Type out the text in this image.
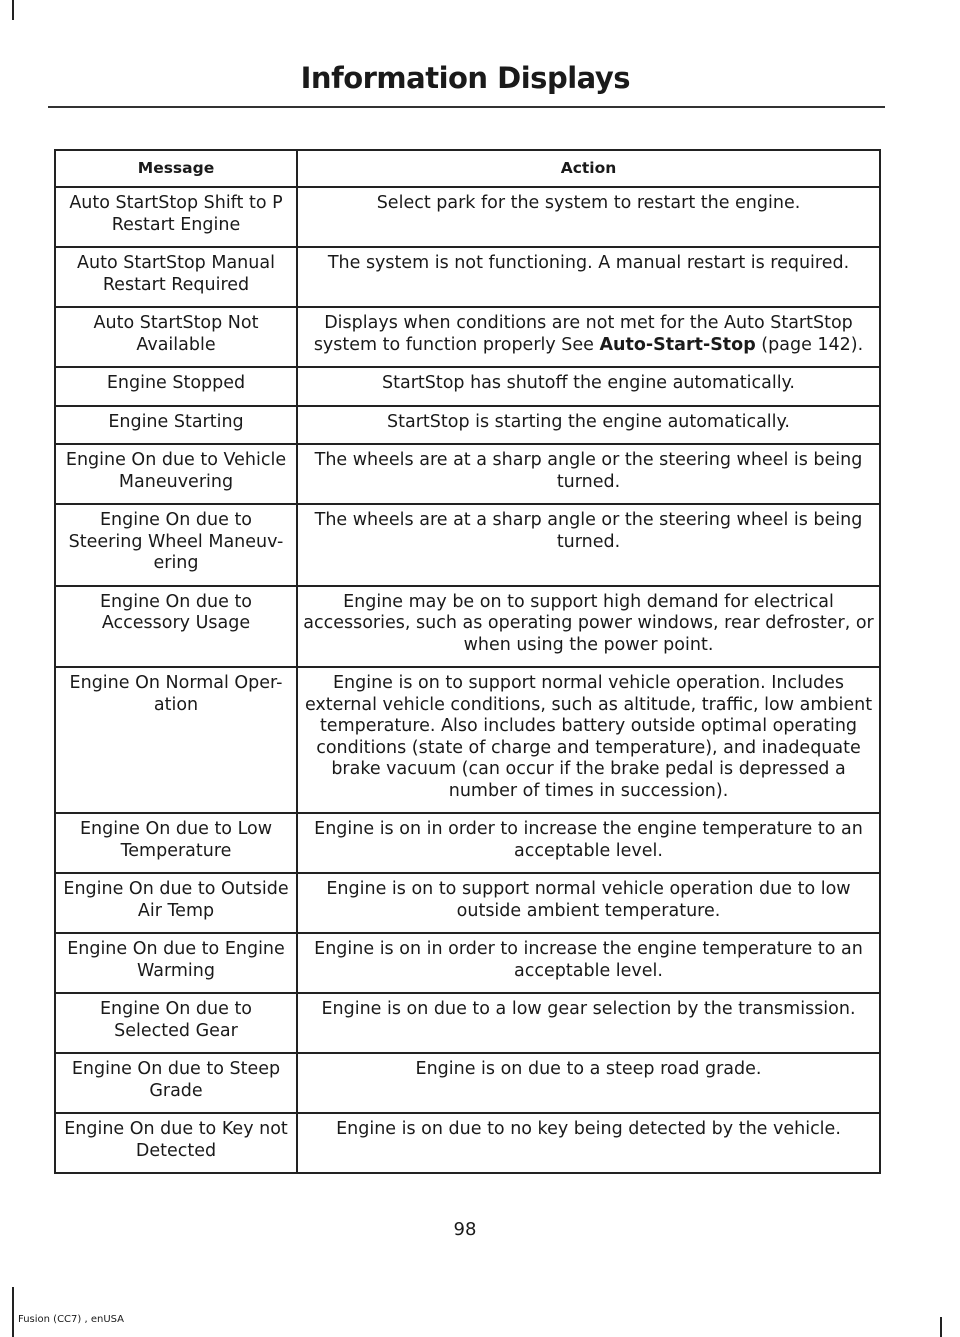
Information Displays
Message	Action
Auto StartStop Shift to P Restart Engine	Select park for the system to restart the engine.
Auto StartStop Manual Restart Required	The system is not functioning. A manual restart is required.
Auto StartStop Not Available	Displays when conditions are not met for the Auto StartStop system to function properly See Auto-Start-Stop (page 142).
Engine Stopped	StartStop has shutoff the engine automatically.
Engine Starting	StartStop is starting the engine automatically.
Engine On due to Vehicle Maneuvering	The wheels are at a sharp angle or the steering wheel is being turned.
Engine On due to Steering Wheel Maneuv-ering	The wheels are at a sharp angle or the steering wheel is being turned.
Engine On due to Accessory Usage	Engine may be on to support high demand for electrical accessories, such as operating power windows, rear defroster, or when using the power point.
Engine On Normal Oper-ation	Engine is on to support normal vehicle operation. Includes external vehicle conditions, such as altitude, traffic, low ambient temperature. Also includes battery outside optimal operating conditions (state of charge and temperature), and inadequate brake vacuum (can occur if the brake pedal is depressed a number of times in succession).
Engine On due to Low Temperature	Engine is on in order to increase the engine temperature to an acceptable level.
Engine On due to Outside Air Temp	Engine is on to support normal vehicle operation due to low outside ambient temperature.
Engine On due to Engine Warming	Engine is on in order to increase the engine temperature to an acceptable level.
Engine On due to Selected Gear	Engine is on due to a low gear selection by the transmission.
Engine On due to Steep Grade	Engine is on due to a steep road grade.
Engine On due to Key not Detected	Engine is on due to no key being detected by the vehicle.
98
Fusion (CC7) , enUSA
